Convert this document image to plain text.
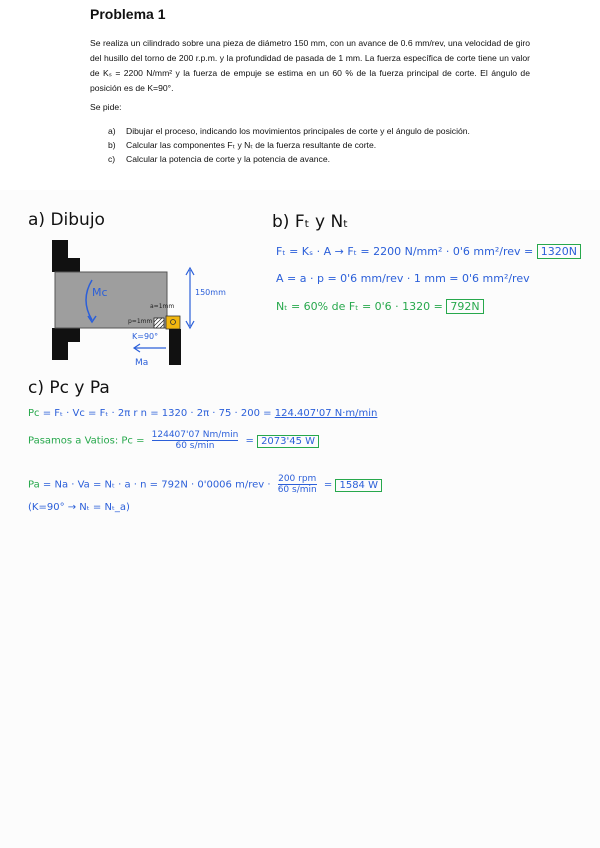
Problema 1
Se realiza un cilindrado sobre una pieza de diámetro 150 mm, con un avance de 0.6 mm/rev, una velocidad de giro del husillo del torno de 200 r.p.m. y la profundidad de pasada de 1 mm. La fuerza específica de corte tiene un valor de Kₛ = 2200 N/mm² y la fuerza de empuje se estima en un 60 % de la fuerza principal de corte. El ángulo de posición es de K=90°.
Se pide:
a) Dibujar el proceso, indicando los movimientos principales de corte y el ángulo de posición.
b) Calcular las componentes Fₜ y Nₜ de la fuerza resultante de corte.
c) Calcular la potencia de corte y la potencia de avance.
a) Dibujo
Mc	150mm
a=1mm
p=1mm
K=90°
Ma
b) Fₜ y Nₜ
Fₜ = Kₛ · A → Fₜ = 2200 N/mm² · 0'6 mm²/rev = 1320N
A = a · p = 0'6 mm/rev · 1 mm = 0'6 mm²/rev
Nₜ = 60% de Fₜ = 0'6 · 1320 = 792N
c) Pc y Pa
Pc = Fₜ · Vc = Fₜ · 2π r n = 1320 · 2π · 75 · 200 = 124.407'07 N·m/min
Pasamos a Vatios: Pc =
124407'07 Nm/min
60 s/min	= 2073'45 W
Pa = Na · Va = Nₜ · a · n = 792N · 0'0006 m/rev ·
200 rpm
60 s/min = 1584 W
(K=90° → Nₜ = Nₜ_a)
